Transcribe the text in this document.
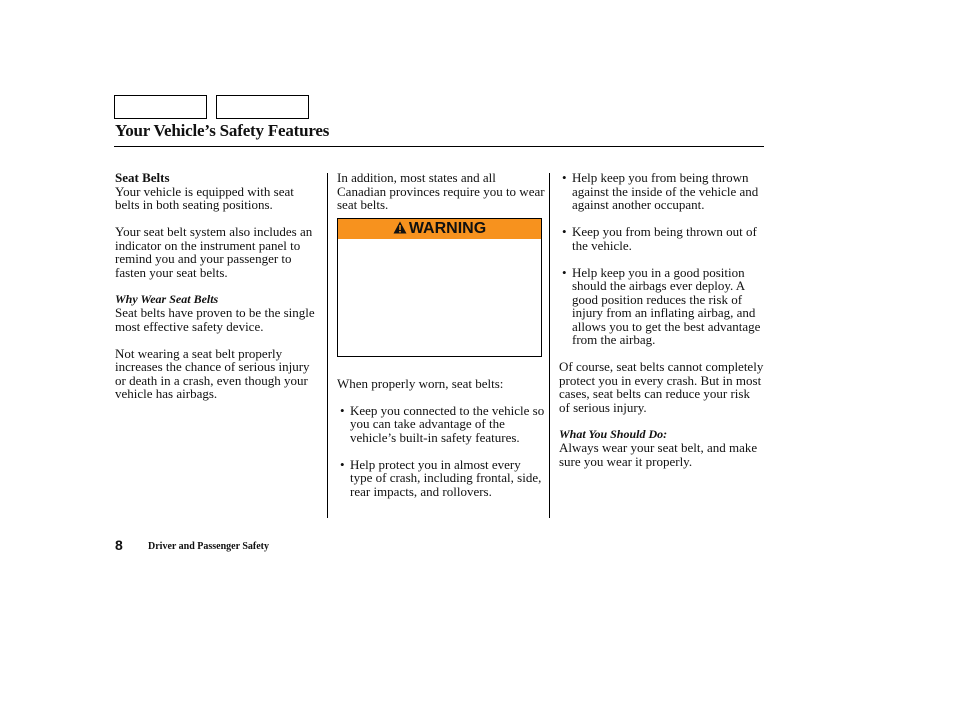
Your Vehicle’s Safety Features
Seat Belts

Your vehicle is equipped with seat belts in both seating positions.

Your seat belt system also includes an indicator on the instrument panel to remind you and your passenger to fasten your seat belts.

Why Wear Seat Belts

Seat belts have proven to be the single most effective safety device.

Not wearing a seat belt properly increases the chance of serious injury or death in a crash, even though your vehicle has airbags.

In addition, most states and all Canadian provinces require you to wear seat belts.
WARNING

When properly worn, seat belts:

• Keep you connected to the vehicle so you can take advantage of the vehicle’s built-in safety features.
• Help protect you in almost every type of crash, including frontal, side, rear impacts, and rollovers.
• Help keep you from being thrown against the inside of the vehicle and against another occupant.
• Keep you from being thrown out of the vehicle.
• Help keep you in a good position should the airbags ever deploy. A good position reduces the risk of injury from an inflating airbag, and allows you to get the best advantage from the airbag.

Of course, seat belts cannot completely protect you in every crash. But in most cases, seat belts can reduce your risk of serious injury.

What You Should Do:

Always wear your seat belt, and make sure you wear it properly.

8	Driver and Passenger Safety
